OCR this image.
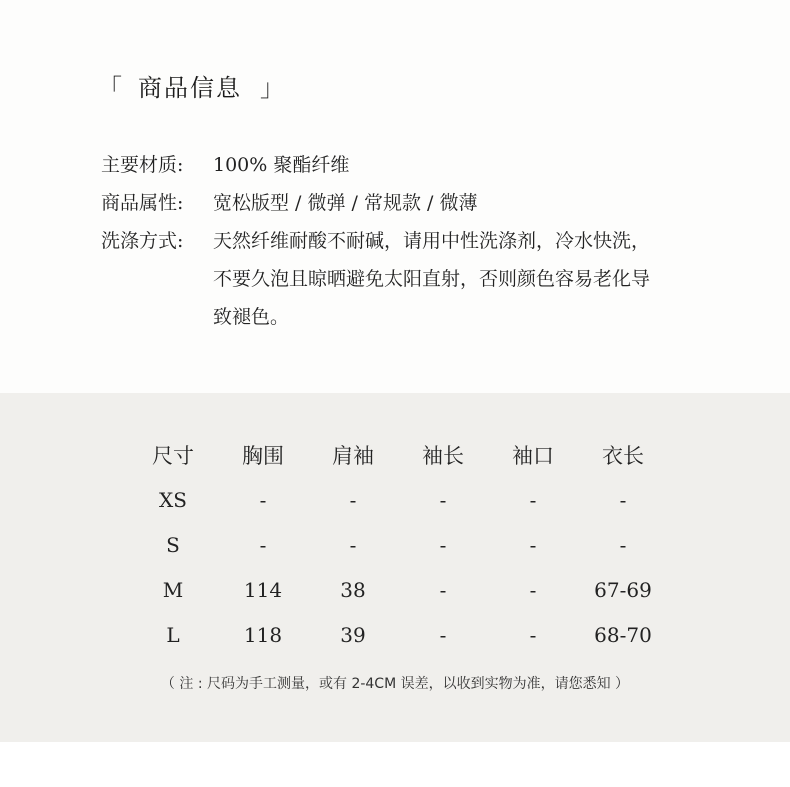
「 商品信息 」
主要材质:	100% 聚酯纤维
商品属性:	宽松版型 / 微弹 / 常规款 / 微薄
洗涤方式:	天然纤维耐酸不耐碱，请用中性洗涤剂，冷水快洗，
不要久泡且晾晒避免太阳直射，否则颜色容易老化导
致褪色。
尺寸	胸围	肩袖	袖长	袖口	衣长
XS	-	-	-	-	-
S	-	-	-	-	-
M	114	38	-	-	67-69
L	118	39	-	-	68-70
（ 注 : 尺码为手工测量，或有 2-4CM 误差，以收到实物为准，请您悉知 ）
